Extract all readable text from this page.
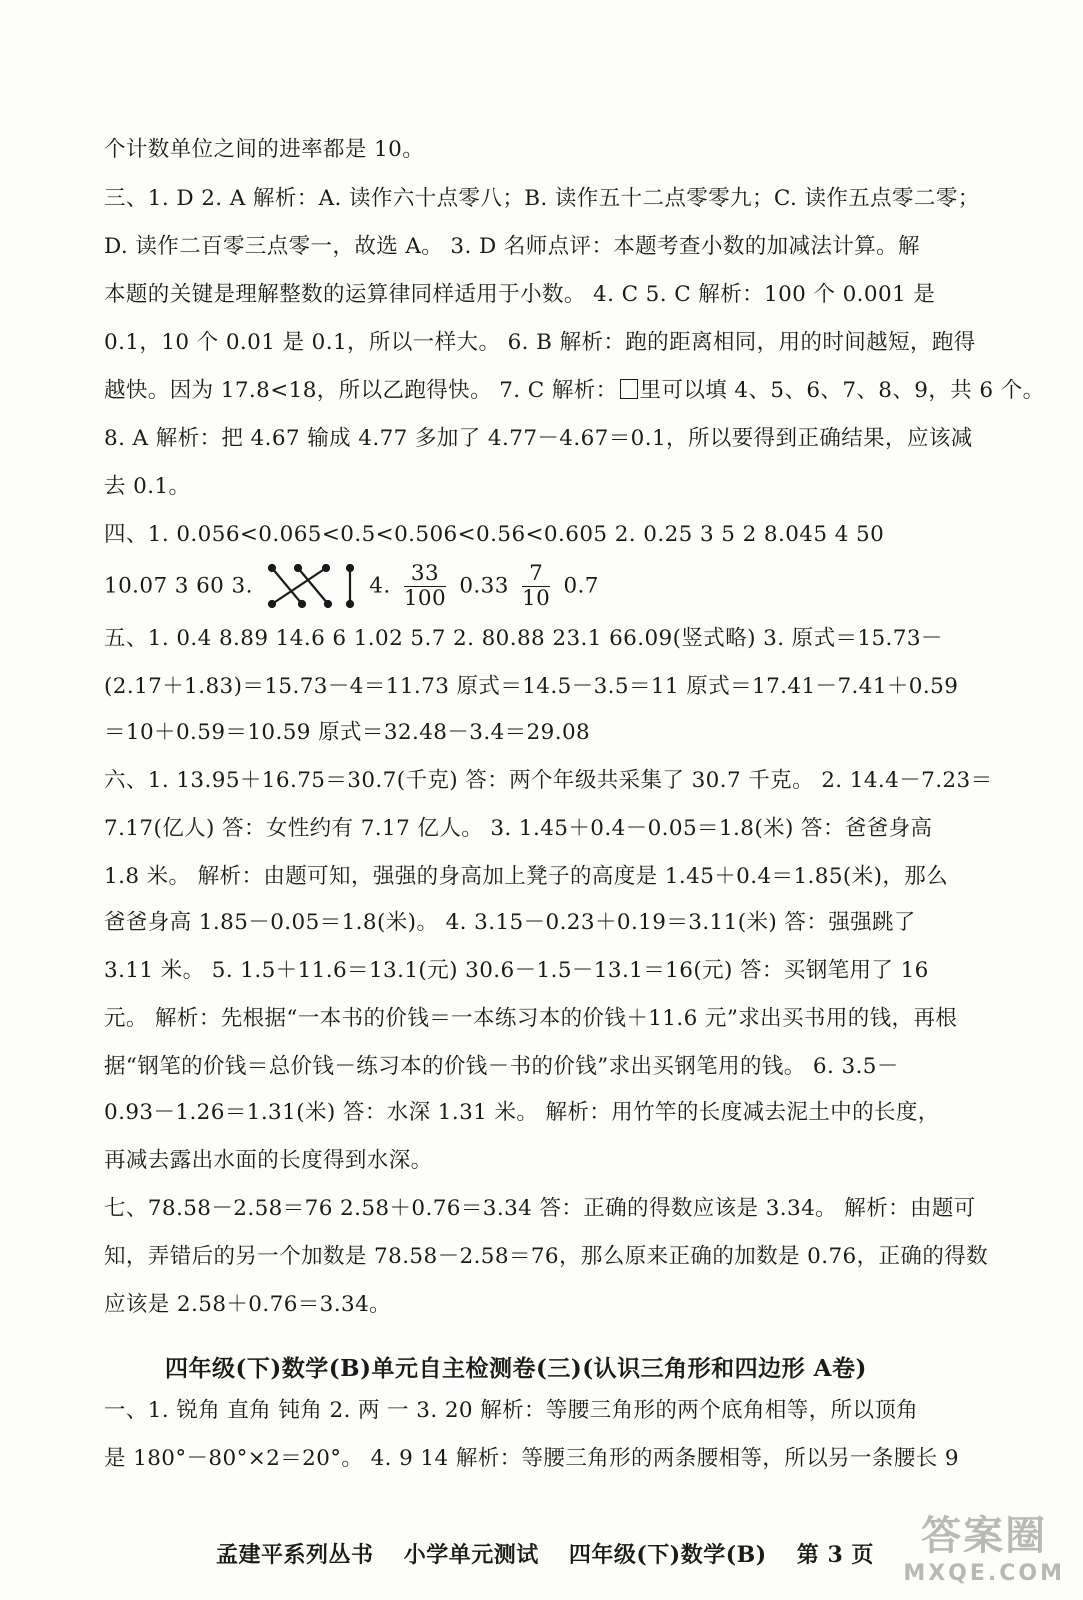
个计数单位之间的进率都是 10。
三、1. D 2. A 解析：A. 读作六十点零八；B. 读作五十二点零零九；C. 读作五点零二零；
D. 读作二百零三点零一，故选 A。 3. D 名师点评：本题考查小数的加减法计算。解
本题的关键是理解整数的运算律同样适用于小数。 4. C 5. C 解析：100 个 0.001 是
0.1，10 个 0.01 是 0.1，所以一样大。 6. B 解析：跑的距离相同，用的时间越短，跑得
越快。因为 17.8<18，所以乙跑得快。 7. C 解析： 里可以填 4、5、6、7、8、9，共 6 个。
8. A 解析：把 4.67 输成 4.77 多加了 4.77－4.67＝0.1，所以要得到正确结果，应该减
去 0.1。
四、1. 0.056<0.065<0.5<0.506<0.56<0.605 2. 0.25 3 5 2 8.045 4 50
10.07 3 60 3.	4. $\frac{33}{100} 0.33 \frac{7}{10} 0.7$
五、1. 0.4 8.89 14.6 6 1.02 5.7 2. 80.88 23.1 66.09(竖式略) 3. 原式＝15.73－
(2.17＋1.83)＝15.73－4＝11.73 原式＝14.5－3.5＝11 原式＝17.41－7.41＋0.59
＝10＋0.59＝10.59 原式＝32.48－3.4＝29.08
六、1. 13.95＋16.75＝30.7(千克) 答：两个年级共采集了 30.7 千克。 2. 14.4－7.23＝
7.17(亿人) 答：女性约有 7.17 亿人。 3. 1.45＋0.4－0.05＝1.8(米) 答：爸爸身高
1.8 米。 解析：由题可知，强强的身高加上凳子的高度是 1.45＋0.4＝1.85(米)，那么
爸爸身高 1.85－0.05＝1.8(米)。 4. 3.15－0.23＋0.19＝3.11(米) 答：强强跳了
3.11 米。 5. 1.5＋11.6＝13.1(元) 30.6－1.5－13.1＝16(元) 答：买钢笔用了 16
元。 解析：先根据“一本书的价钱＝一本练习本的价钱＋11.6 元”求出买书用的钱，再根
据“钢笔的价钱＝总价钱－练习本的价钱－书的价钱”求出买钢笔用的钱。 6. 3.5－
0.93－1.26＝1.31(米) 答：水深 1.31 米。 解析：用竹竿的长度减去泥土中的长度，
再减去露出水面的长度得到水深。
七、78.58－2.58＝76 2.58＋0.76＝3.34 答：正确的得数应该是 3.34。 解析：由题可
知，弄错后的另一个加数是 78.58－2.58＝76，那么原来正确的加数是 0.76，正确的得数
应该是 2.58＋0.76＝3.34。
四年级(下)数学(B)单元自主检测卷(三)(认识三角形和四边形 A卷)
一、1. 锐角 直角 钝角 2. 两 一 3. 20 解析：等腰三角形的两个底角相等，所以顶角
是 180°－80°×2＝20°。 4. 9 14 解析：等腰三角形的两条腰相等，所以另一条腰长 9
孟建平系列丛书 小学单元测试 四年级(下)数学(B) 第 3 页	答案圈
MXQE.COM
